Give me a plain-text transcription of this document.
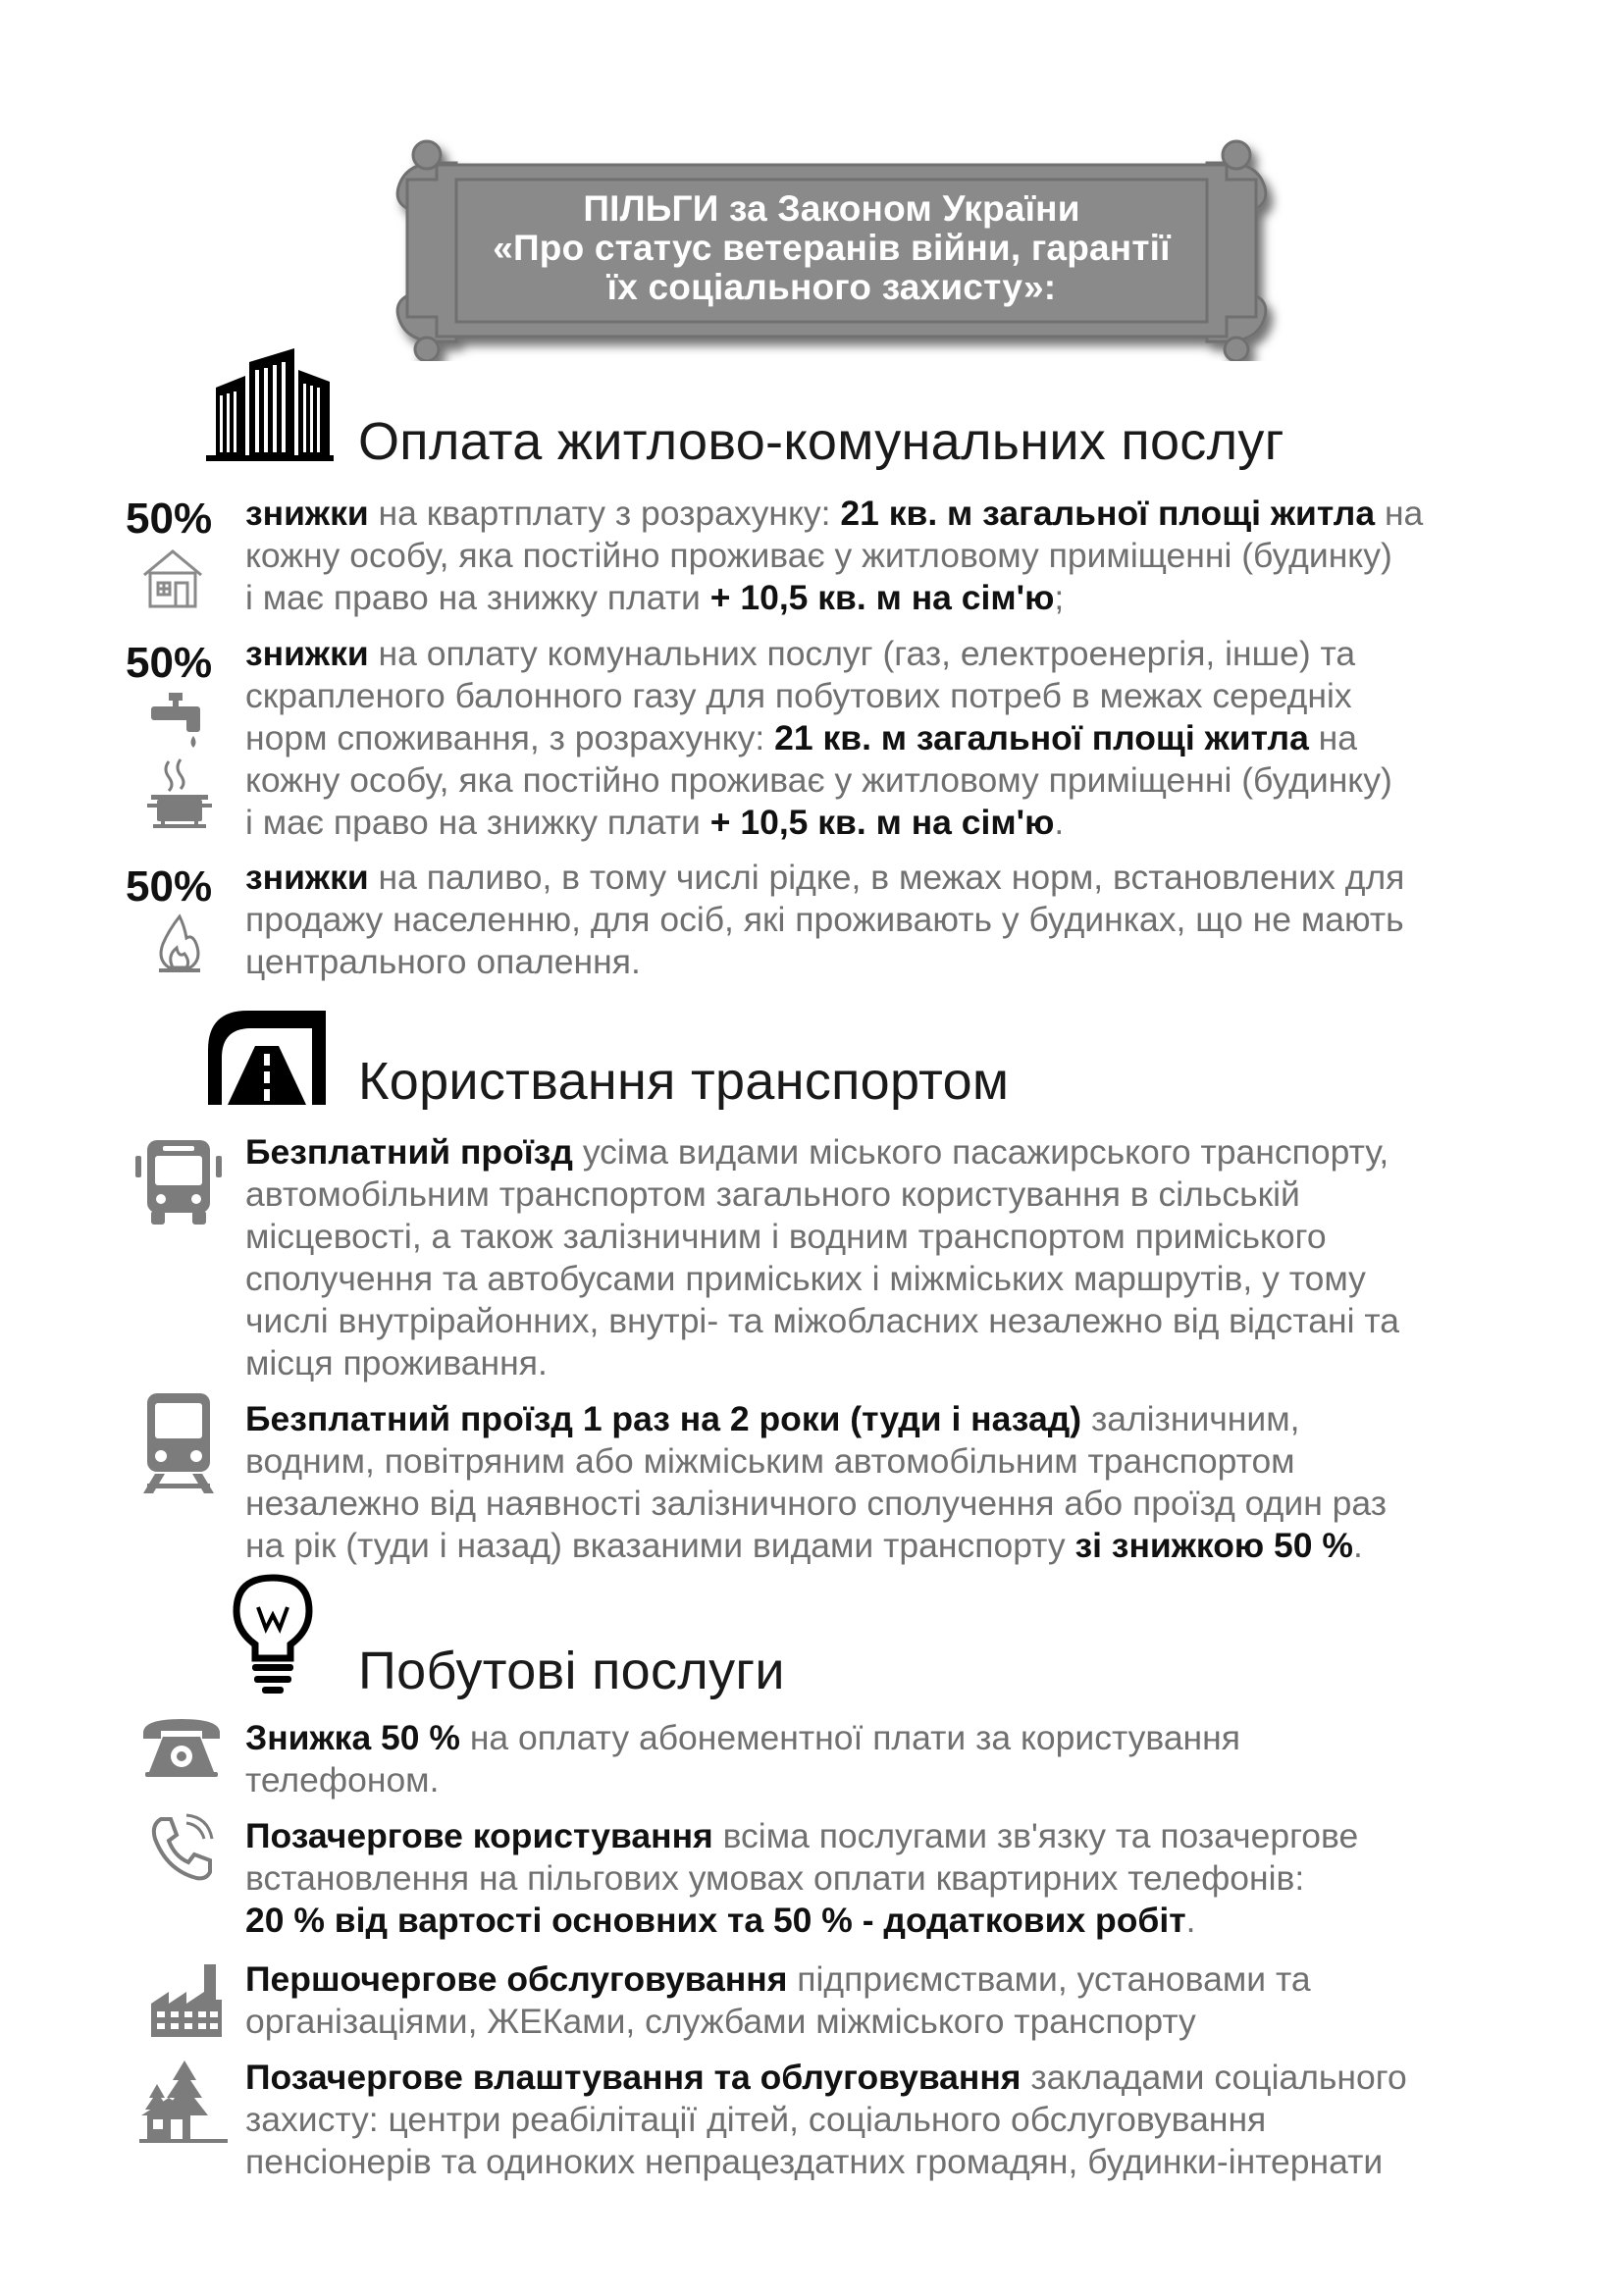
ПІЛЬГИ за Законом України
«Про статус ветеранів війни, гарантії
їх соціального захисту»:
Оплата житлово-комунальних послуг
50% знижки на квартплату з розрахунку: 21 кв. м загальної площі житла на

кожну особу, яка постійно проживає у житловому приміщенні (будинку)

і має право на знижку плати + 10,5 кв. м на сім'ю;

50% знижки на оплату комунальних послуг (газ, електроенергія, інше) та

скрапленого балонного газу для побутових потреб в межах середніх

норм споживання, з розрахунку: 21 кв. м загальної площі житла на

кожну особу, яка постійно проживає у житловому приміщенні (будинку)

і має право на знижку плати + 10,5 кв. м на сім'ю.

50% знижки на паливо, в тому числі рідке, в межах норм, встановлених для

продажу населенню, для осіб, які проживають у будинках, що не мають

центрального опалення.

Користвання транспортом

Безплатний проїзд усіма видами міського пасажирського транспорту,

автомобільним транспортом загального користування в сільській

місцевості, а також залізничним і водним транспортом приміського

сполучення та автобусами приміських і міжміських маршрутів, у тому

числі внутрірайонних, внутрі- та міжобласних незалежно від відстані та

місця проживання.

Безплатний проїзд 1 раз на 2 роки (туди і назад) залізничним,

водним, повітряним або міжміським автомобільним транспортом

незалежно від наявності залізничного сполучення або проїзд один раз

на рік (туди і назад) вказаними видами транспорту зі знижкою 50 %.

Побутові послуги

Знижка 50 % на оплату абонементної плати за користування

телефоном.

Позачергове користування всіма послугами зв'язку та позачергове

встановлення на пільгових умовах оплати квартирних телефонів:

20 % від вартості основних та 50 % - додаткових робіт.

Першочергове обслуговування підприємствами, установами та

організаціями, ЖЕКами, службами міжміського транспорту

Позачергове влаштування та облуговування закладами соціального

захисту: центри реабілітації дітей, соціального обслуговування

пенсіонерів та одиноких непрацездатних громадян, будинки-інтернати
